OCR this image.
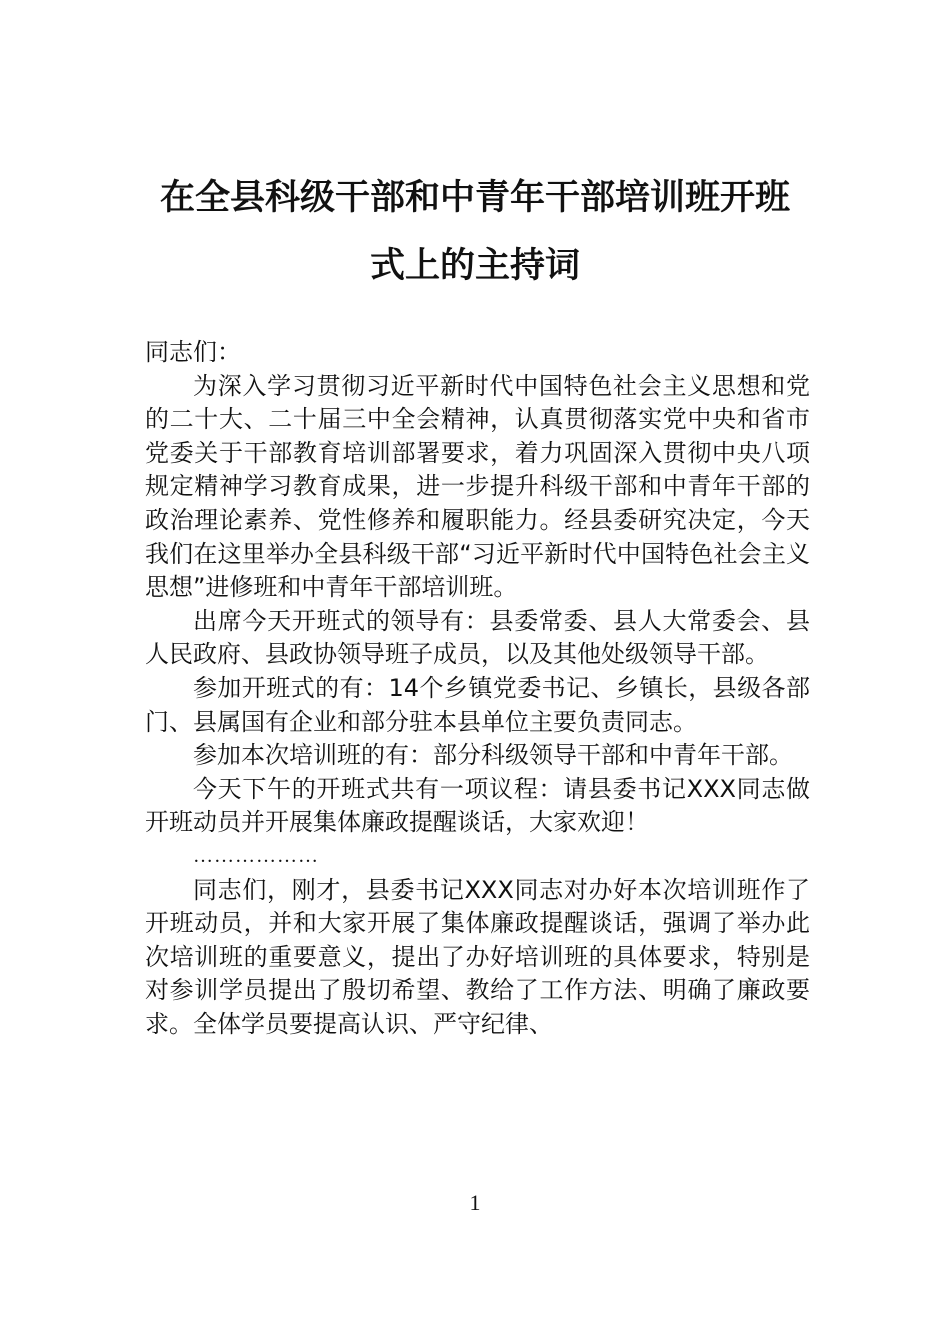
在全县科级干部和中青年干部培训班开班
式上的主持词

同志们：

为深入学习贯彻习近平新时代中国特色社会主义思想和党的二十大、二十届三中全会精神，认真贯彻落实党中央和省市党委关于干部教育培训部署要求，着力巩固深入贯彻中央八项规定精神学习教育成果，进一步提升科级干部和中青年干部的政治理论素养、党性修养和履职能力。经县委研究决定，今天我们在这里举办全县科级干部“习近平新时代中国特色社会主义思想”进修班和中青年干部培训班。

出席今天开班式的领导有：县委常委、县人大常委会、县人民政府、县政协领导班子成员，以及其他处级领导干部。

参加开班式的有：14个乡镇党委书记、乡镇长，县级各部门、县属国有企业和部分驻本县单位主要负责同志。

参加本次培训班的有：部分科级领导干部和中青年干部。

今天下午的开班式共有一项议程：请县委书记XXX同志做开班动员并开展集体廉政提醒谈话，大家欢迎！

………………

同志们，刚才，县委书记XXX同志对办好本次培训班作了开班动员，并和大家开展了集体廉政提醒谈话，强调了举办此次培训班的重要意义，提出了办好培训班的具体要求，特别是对参训学员提出了殷切希望、教给了工作方法、明确了廉政要求。全体学员要提高认识、严守纪律、

1
